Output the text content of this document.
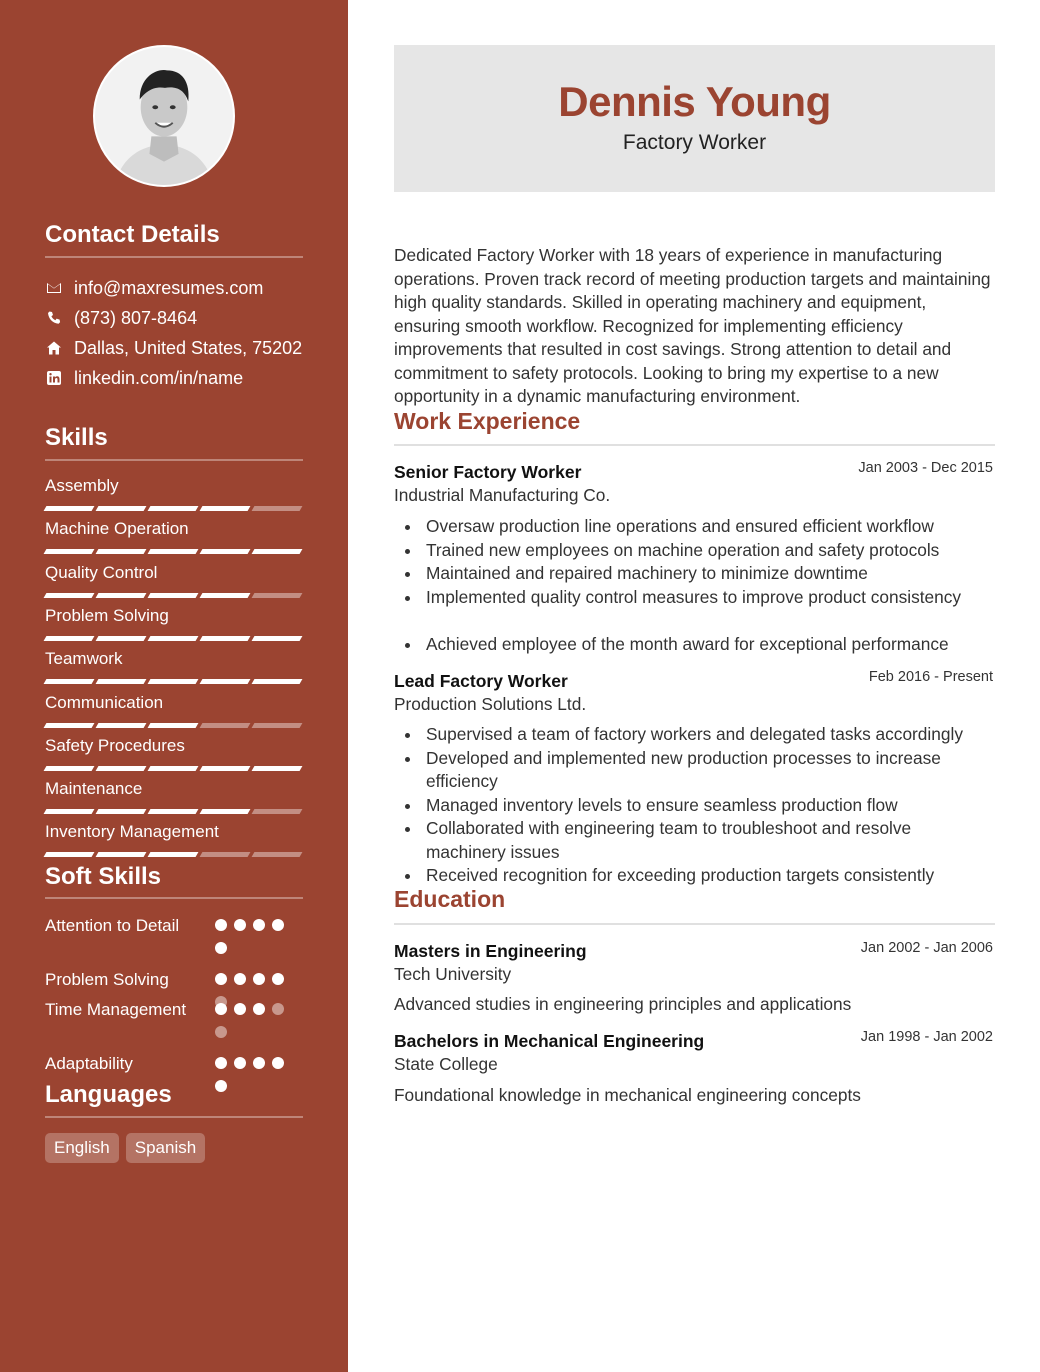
Contact Details
info@maxresumes.com
(873) 807-8464
Dallas, United States, 75202
linkedin.com/in/name
Skills
Assembly
Machine Operation
Quality Control
Problem Solving
Teamwork
Communication
Safety Procedures
Maintenance
Inventory Management
Soft Skills
Attention to Detail
Problem Solving
Time Management
Adaptability
Languages
English	Spanish
Dennis Young
Factory Worker
Dedicated Factory Worker with 18 years of experience in manufacturing operations. Proven track record of meeting production targets and maintaining high quality standards. Skilled in operating machinery and equipment, ensuring smooth workflow. Recognized for implementing efficiency improvements that resulted in cost savings. Strong attention to detail and commitment to safety protocols. Looking to bring my expertise to a new opportunity in a dynamic manufacturing environment.
Work Experience
Senior Factory Worker	Jan 2003 - Dec 2015
Industrial Manufacturing Co.
Oversaw production line operations and ensured efficient workflow
Trained new employees on machine operation and safety protocols
Maintained and repaired machinery to minimize downtime
Implemented quality control measures to improve product consistency
Achieved employee of the month award for exceptional performance
Lead Factory Worker	Feb 2016 - Present
Production Solutions Ltd.
Supervised a team of factory workers and delegated tasks accordingly
Developed and implemented new production processes to increase efficiency
Managed inventory levels to ensure seamless production flow
Collaborated with engineering team to troubleshoot and resolve machinery issues
Received recognition for exceeding production targets consistently
Education
Masters in Engineering	Jan 2002 - Jan 2006
Tech University
Advanced studies in engineering principles and applications
Bachelors in Mechanical Engineering	Jan 1998 - Jan 2002
State College
Foundational knowledge in mechanical engineering concepts
